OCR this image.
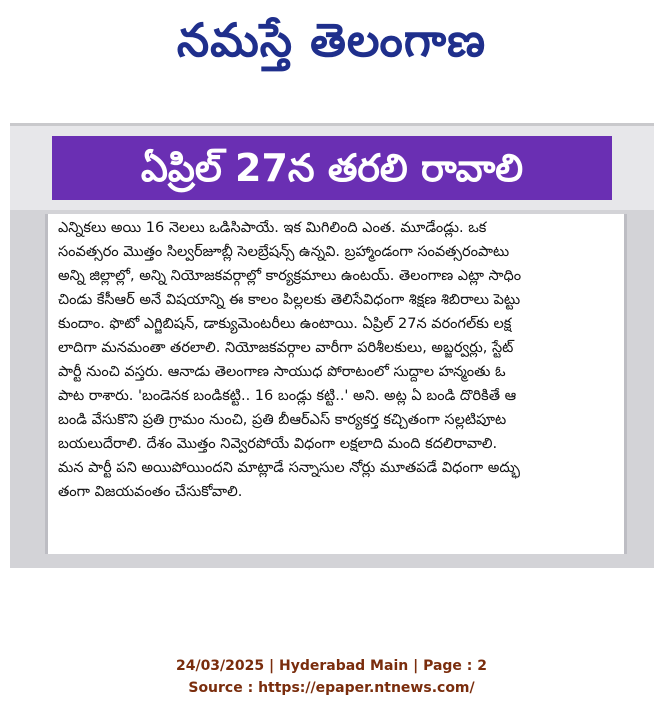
నమస్తే తెలంగాణ
ఏప్రిల్ 27న తరలి రావాలి
ఎన్నికలు అయి 16 నెలలు ఒడిసిపాయే. ఇక మిగిలింది ఎంత. మూడేండ్లు. ఒక
సంవత్సరం మొత్తం సిల్వర్‌జూబ్లీ సెలబ్రేషన్స్ ఉన్నవి. బ్రహ్మాండంగా సంవత్సరంపాటు
అన్ని జిల్లాల్లో, అన్ని నియోజకవర్గాల్లో కార్యక్రమాలు ఉంటయ్. తెలంగాణ ఎట్లా సాధిం
చిండు కేసీఆర్ అనే విషయాన్ని ఈ కాలం పిల్లలకు తెలిసేవిధంగా శిక్షణ శిబిరాలు పెట్టు
కుందాం. ఫొటో ఎగ్జిబిషన్, డాక్యుమెంటరీలు ఉంటాయి. ఏప్రిల్ 27న వరంగల్‌కు లక్ష
లాదిగా మనమంతా తరలాలి. నియోజకవర్గాల వారీగా పరిశీలకులు, అబ్జర్వర్లు, స్టేట్
పార్టీ నుంచి వస్తరు. ఆనాడు తెలంగాణ సాయుధ పోరాటంలో సుద్దాల హన్మంతు ఓ
పాట రాశారు. 'బండెనక బండికట్టి.. 16 బండ్లు కట్టి..' అని. అట్ల ఏ బండి దొరికితే ఆ
బండి వేసుకొని ప్రతి గ్రామం నుంచి, ప్రతి బీఆర్ఎస్ కార్యకర్త కచ్చితంగా సల్లటిపూట
బయలుదేరాలి. దేశం మొత్తం నివ్వెరపోయే విధంగా లక్షలాది మంది కదలిరావాలి.
మన పార్టీ పని అయిపోయిందని మాట్లాడే సన్నాసుల నోర్లు మూతపడే విధంగా అద్భు
తంగా విజయవంతం చేసుకోవాలి.
24/03/2025 | Hyderabad Main | Page : 2
Source : https://epaper.ntnews.com/
